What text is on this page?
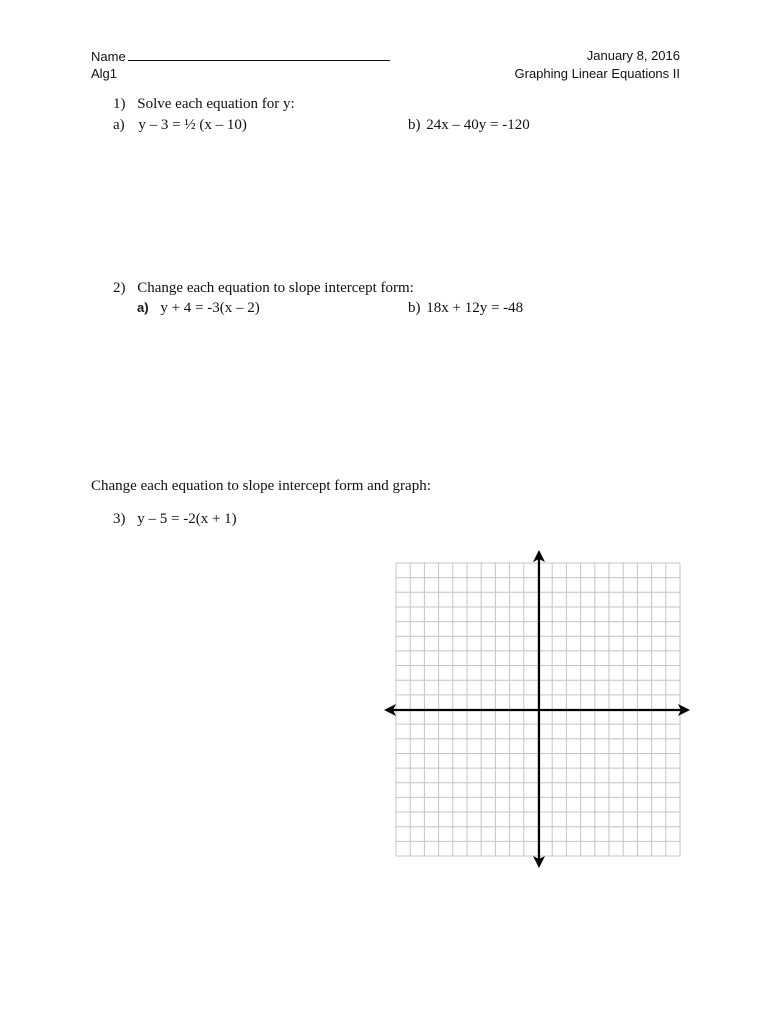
Name
Alg1
January 8, 2016
Graphing Linear Equations II
1) Solve each equation for y:
a) y – 3 = ½ (x – 10)	b) 24x – 40y = -120
2) Change each equation to slope intercept form:
a) y + 4 = -3(x – 2)	b) 18x + 12y = -48
Change each equation to slope intercept form and graph:
3) y – 5 = -2(x + 1)
